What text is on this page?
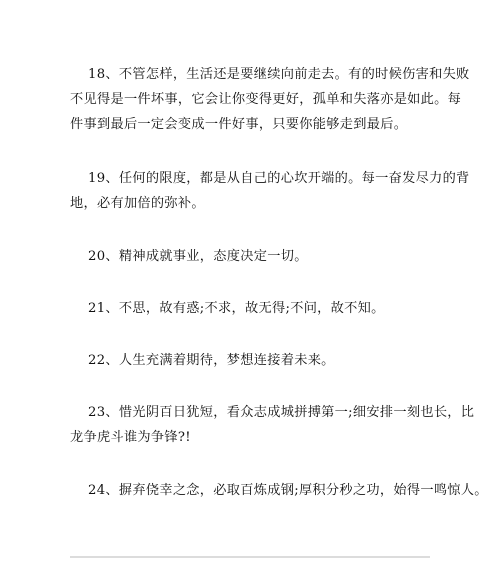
18、不管怎样，生活还是要继续向前走去。有的时候伤害和失败
不见得是一件坏事，它会让你变得更好，孤单和失落亦是如此。每
件事到最后一定会变成一件好事，只要你能够走到最后。
19、任何的限度，都是从自己的心坎开端的。每一奋发尽力的背
地，必有加倍的弥补。
20、精神成就事业，态度决定一切。
21、不思，故有惑;不求，故无得;不问，故不知。
22、人生充满着期待，梦想连接着未来。
23、惜光阴百日犹短，看众志成城拼搏第一;细安排一刻也长，比
龙争虎斗谁为争锋?!
24、摒弃侥幸之念，必取百炼成钢;厚积分秒之功，始得一鸣惊人。
